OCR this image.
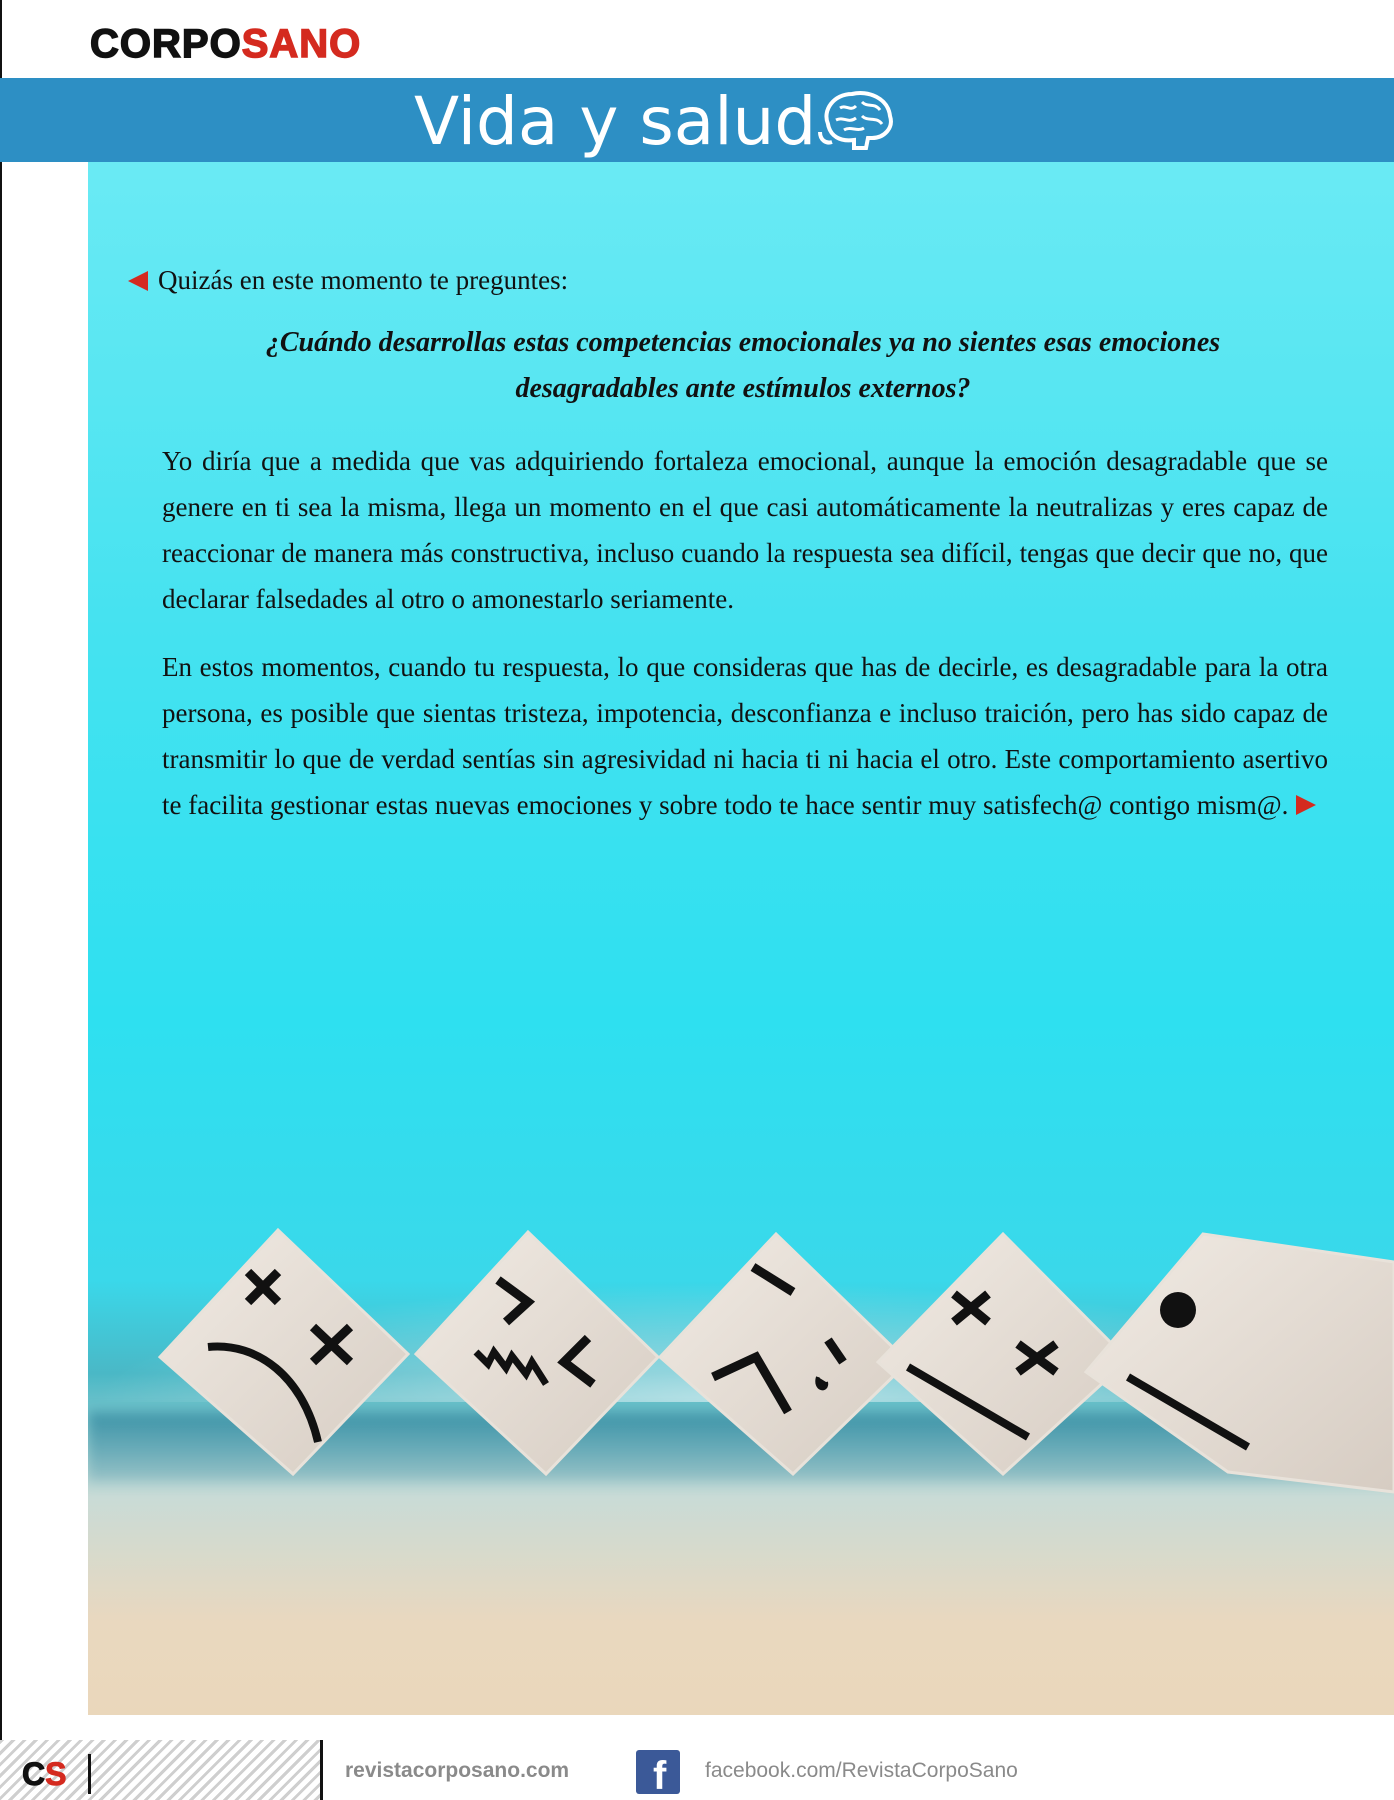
CORPOSANO
Vida y salud
Quizás en este momento te preguntes:
¿Cuándo desarrollas estas competencias emocionales ya no sientes esas emociones desagradables ante estímulos externos?
Yo diría que a medida que vas adquiriendo fortaleza emocional, aunque la emoción desagradable que se genere en ti sea la misma, llega un momento en el que casi automáticamente la neutralizas y eres capaz de reaccionar de manera más constructiva, incluso cuando la respuesta sea difícil, tengas que decir que no, que declarar falsedades al otro o amonestarlo seriamente.
En estos momentos, cuando tu respuesta, lo que consideras que has de decirle, es desagradable para la otra persona, es posible que sientas tristeza, impotencia, desconfianza e incluso traición, pero has sido capaz de transmitir lo que de verdad sentías sin agresividad ni hacia ti ni hacia el otro. Este comportamiento asertivo te facilita gestionar estas nuevas emociones y sobre todo te hace sentir muy satisfech@ contigo mism@.
CS	revistacorposano.com f facebook.com/RevistaCorpoSano
